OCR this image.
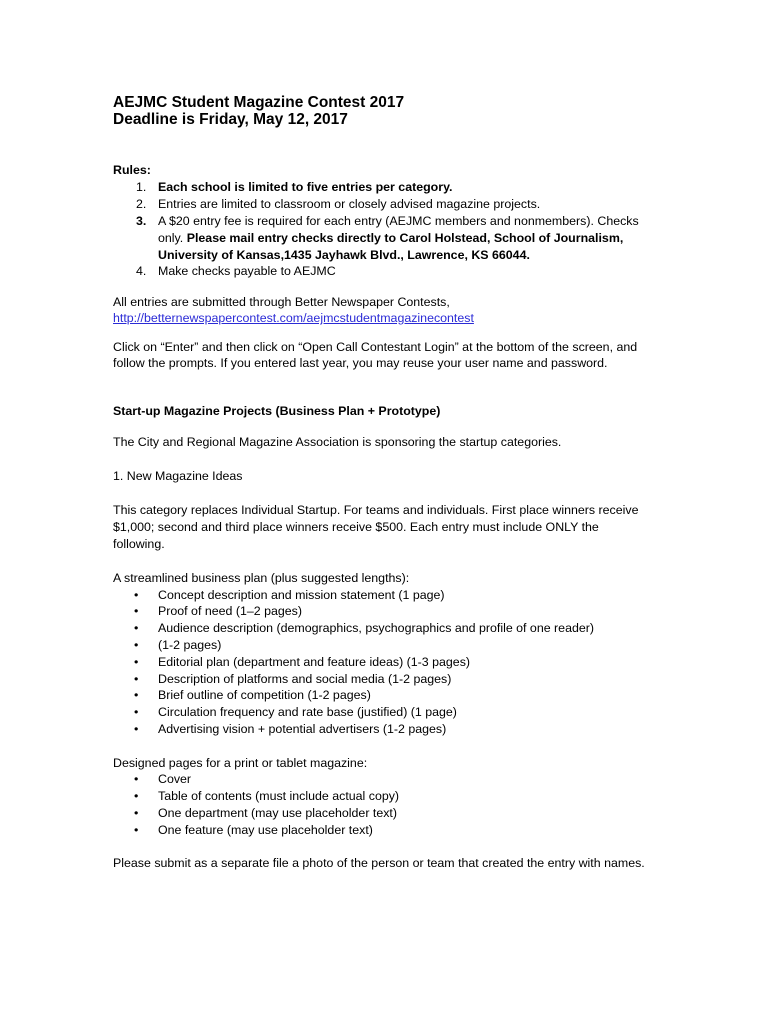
AEJMC Student Magazine Contest 2017
Deadline is Friday, May 12, 2017
Rules:
1. Each school is limited to five entries per category.
2. Entries are limited to classroom or closely advised magazine projects.
3. A $20 entry fee is required for each entry (AEJMC members and nonmembers). Checks
only. Please mail entry checks directly to Carol Holstead, School of Journalism,
University of Kansas,1435 Jayhawk Blvd., Lawrence, KS 66044.
4. Make checks payable to AEJMC
All entries are submitted through Better Newspaper Contests,
http://betternewspapercontest.com/aejmcstudentmagazinecontest
Click on “Enter” and then click on “Open Call Contestant Login” at the bottom of the screen, and
follow the prompts. If you entered last year, you may reuse your user name and password.
Start-up Magazine Projects (Business Plan + Prototype)
The City and Regional Magazine Association is sponsoring the startup categories.
1. New Magazine Ideas
This category replaces Individual Startup. For teams and individuals. First place winners receive
$1,000; second and third place winners receive $500. Each entry must include ONLY the
following.
A streamlined business plan (plus suggested lengths):
• Concept description and mission statement (1 page)
• Proof of need (1–2 pages)
• Audience description (demographics, psychographics and profile of one reader)
• (1-2 pages)
• Editorial plan (department and feature ideas) (1-3 pages)
• Description of platforms and social media (1-2 pages)
• Brief outline of competition (1-2 pages)
• Circulation frequency and rate base (justified) (1 page)
• Advertising vision + potential advertisers (1-2 pages)
Designed pages for a print or tablet magazine:
• Cover
• Table of contents (must include actual copy)
• One department (may use placeholder text)
• One feature (may use placeholder text)
Please submit as a separate file a photo of the person or team that created the entry with names.
